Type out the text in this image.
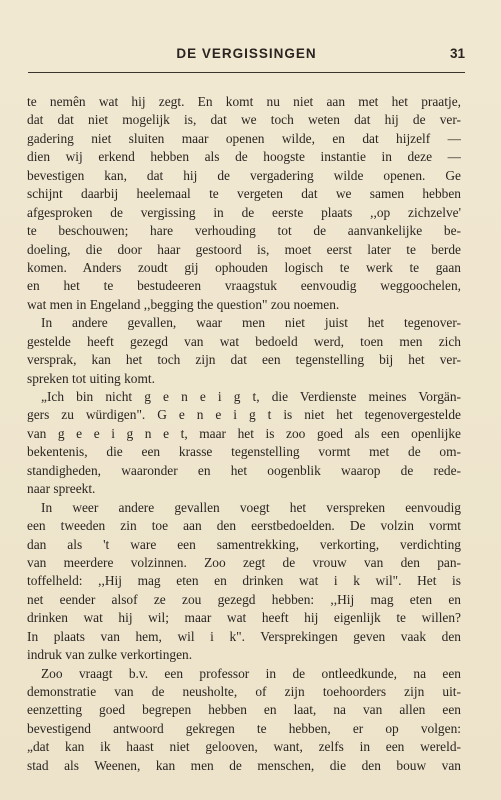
DE VERGISSINGEN	31
te nemên wat hij zegt. En komt nu niet aan met het praatje,
dat dat niet mogelijk is, dat we toch weten dat hij de ver-
gadering niet sluiten maar openen wilde, en dat hijzelf —
dien wij erkend hebben als de hoogste instantie in deze —
bevestigen kan, dat hij de vergadering wilde openen. Ge
schijnt daarbij heelemaal te vergeten dat we samen hebben
afgesproken de vergissing in de eerste plaats ,,op zichzelve'
te beschouwen; hare verhouding tot de aanvankelijke be-
doeling, die door haar gestoord is, moet eerst later te berde
komen. Anders zoudt gij ophouden logisch te werk te gaan
en het te bestudeeren vraagstuk eenvoudig weggoochelen,
wat men in Engeland ,,begging the question" zou noemen.
In andere gevallen, waar men niet juist het tegenover-
gestelde heeft gezegd van wat bedoeld werd, toen men zich
versprak, kan het toch zijn dat een tegenstelling bij het ver-
spreken tot uiting komt.
„Ich bin nicht g e n e i g t, die Verdienste meines Vorgän-
gers zu würdigen". G e n e i g t is niet het tegenovergestelde
van g e e i g n e t, maar het is zoo goed als een openlijke
bekentenis, die een krasse tegenstelling vormt met de om-
standigheden, waaronder en het oogenblik waarop de rede-
naar spreekt.
In weer andere gevallen voegt het verspreken eenvoudig
een tweeden zin toe aan den eerstbedoelden. De volzin vormt
dan als 't ware een samentrekking, verkorting, verdichting
van meerdere volzinnen. Zoo zegt de vrouw van den pan-
toffelheld: ,,Hij mag eten en drinken wat i k wil". Het is
net eender alsof ze zou gezegd hebben: ,,Hij mag eten en
drinken wat hij wil; maar wat heeft hij eigenlijk te willen?
In plaats van hem, wil i k". Versprekingen geven vaak den
indruk van zulke verkortingen.
Zoo vraagt b.v. een professor in de ontleedkunde, na een
demonstratie van de neusholte, of zijn toehoorders zijn uit-
eenzetting goed begrepen hebben en laat, na van allen een
bevestigend antwoord gekregen te hebben, er op volgen:
„dat kan ik haast niet gelooven, want, zelfs in een wereld-
stad als Weenen, kan men de menschen, die den bouw van
